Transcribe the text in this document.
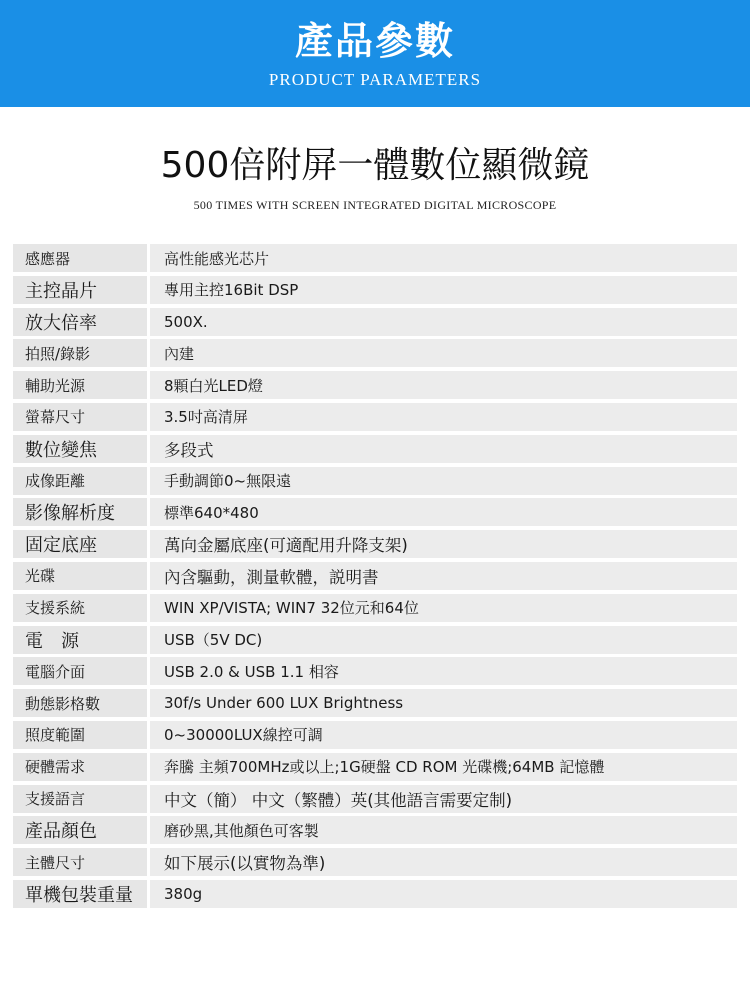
產品參數
PRODUCT PARAMETERS
500倍附屏一體數位顯微鏡
500 TIMES WITH SCREEN INTEGRATED DIGITAL MICROSCOPE
感應器	高性能感光芯片
主控晶片	專用主控16Bit DSP
放大倍率	500X.
拍照/錄影	內建
輔助光源	8顆白光LED燈
螢幕尺寸	3.5吋高清屏
數位變焦	多段式
成像距離	手動調節0~無限遠
影像解析度	標準640*480
固定底座	萬向金屬底座(可適配用升降支架)
光碟	內含驅動，測量軟體，説明書
支援系統	WIN XP/VISTA; WIN7 32位元和64位
電　源	USB（5V DC)
電腦介面	USB 2.0 & USB 1.1 相容
動態影格數	30f/s Under 600 LUX Brightness
照度範圍	0~30000LUX線控可調
硬體需求	奔騰 主頻700MHz或以上;1G硬盤 CD ROM 光碟機;64MB 記憶體
支援語言	中文（簡） 中文（繁體）英(其他語言需要定制)
產品顏色	磨砂黑,其他顏色可客製
主體尺寸	如下展示(以實物為準)
單機包裝重量	380g
